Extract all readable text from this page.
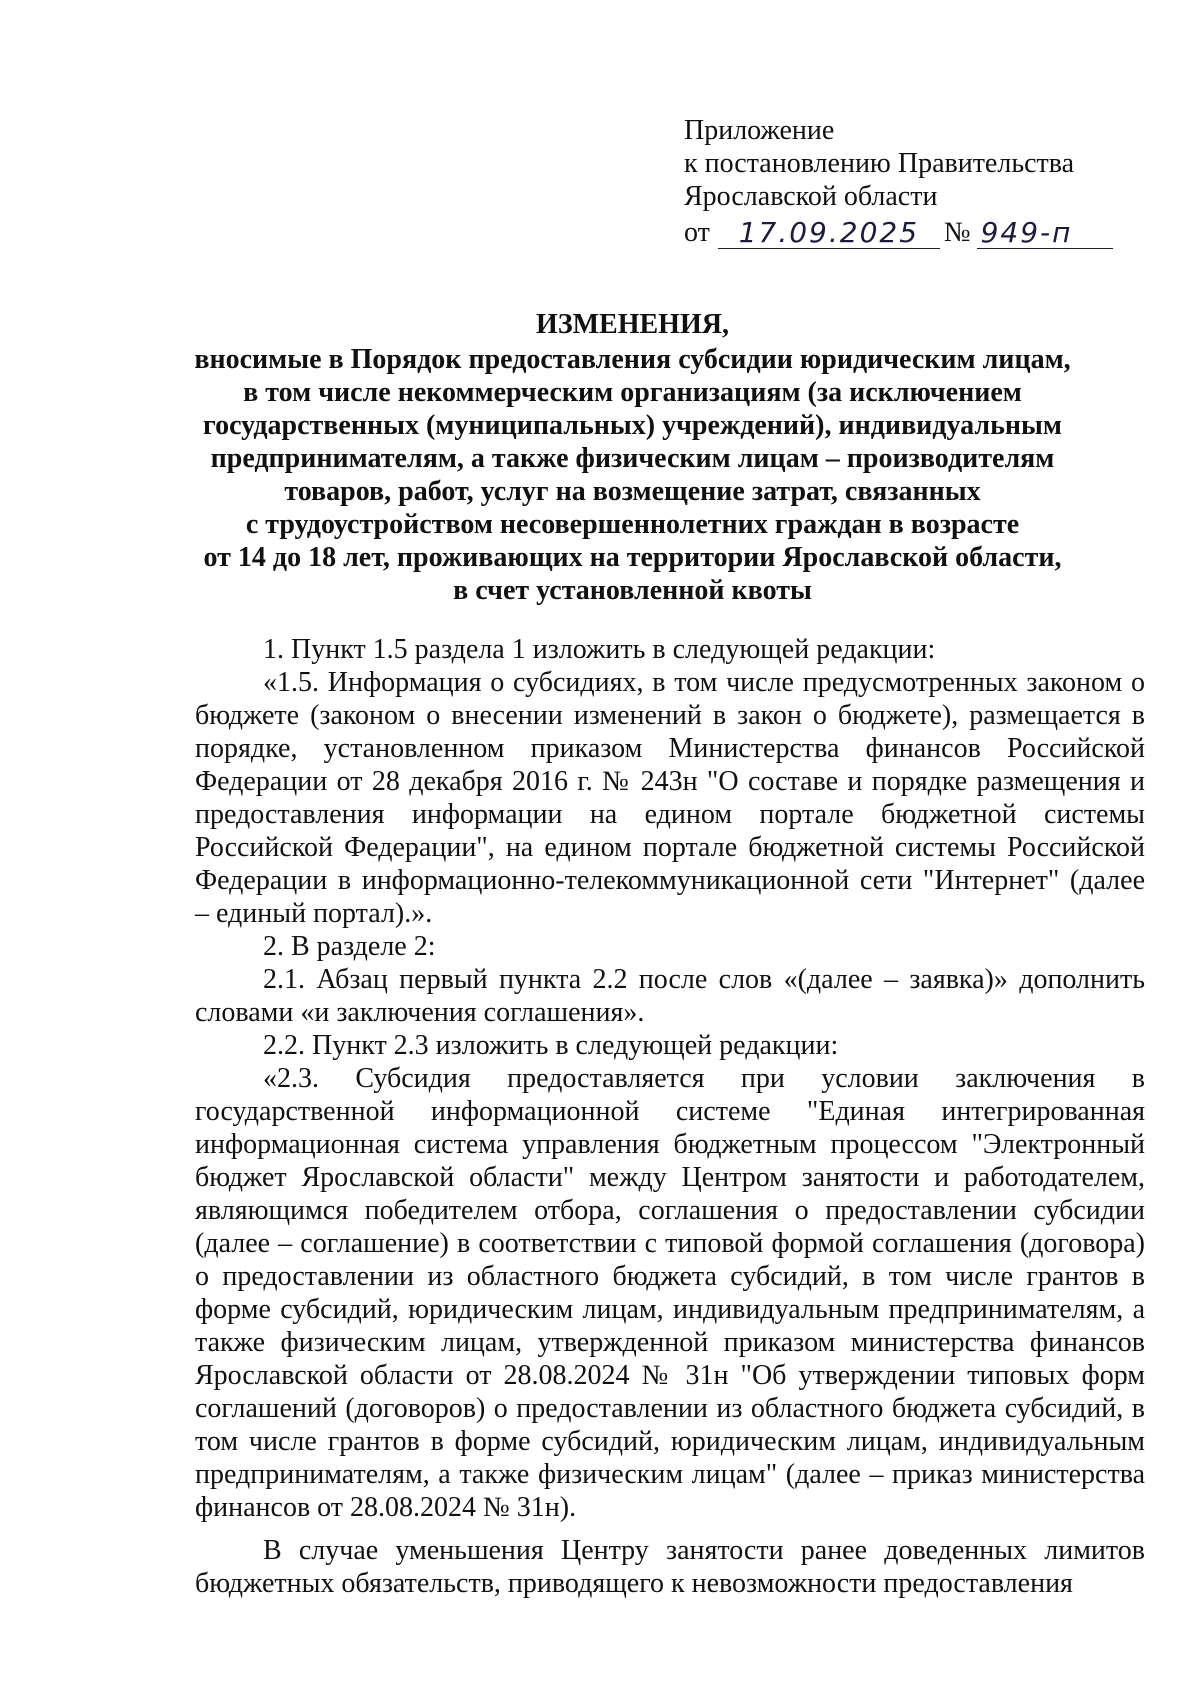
Приложение
к постановлению Правительства
Ярославской области
от	17.09.2025 № 949-п
ИЗМЕНЕНИЯ,
вносимые в Порядок предоставления субсидии юридическим лицам,
в том числе некоммерческим организациям (за исключением
государственных (муниципальных) учреждений), индивидуальным
предпринимателям, а также физическим лицам – производителям
товаров, работ, услуг на возмещение затрат, связанных
с трудоустройством несовершеннолетних граждан в возрасте
от 14 до 18 лет, проживающих на территории Ярославской области,
в счет установленной квоты

1. Пункт 1.5 раздела 1 изложить в следующей редакции:

«1.5. Информация о субсидиях, в том числе предусмотренных законом о бюджете (законом о внесении изменений в закон о бюджете), размещается в порядке, установленном приказом Министерства финансов Российской Федерации от 28 декабря 2016 г. № 243н "О составе и порядке размещения и предоставления информации на едином портале бюджетной системы Российской Федерации", на едином портале бюджетной системы Российской Федерации в информационно-телекоммуникационной сети "Интернет" (далее – единый портал).».

2. В разделе 2:

2.1. Абзац первый пункта 2.2 после слов «(далее – заявка)» дополнить словами «и заключения соглашения».

2.2. Пункт 2.3 изложить в следующей редакции:

«2.3. Субсидия предоставляется при условии заключения в государственной информационной системе "Единая интегрированная информационная система управления бюджетным процессом "Электронный бюджет Ярославской области" между Центром занятости и работодателем, являющимся победителем отбора, соглашения о предоставлении субсидии (далее – соглашение) в соответствии с типовой формой соглашения (договора) о предоставлении из областного бюджета субсидий, в том числе грантов в форме субсидий, юридическим лицам, индивидуальным предпринимателям, а также физическим лицам, утвержденной приказом министерства финансов Ярославской области от 28.08.2024 № 31н "Об утверждении типовых форм соглашений (договоров) о предоставлении из областного бюджета субсидий, в том числе грантов в форме субсидий, юридическим лицам, индивидуальным предпринимателям, а также физическим лицам" (далее – приказ министерства финансов от 28.08.2024 № 31н).

В случае уменьшения Центру занятости ранее доведенных лимитов бюджетных обязательств, приводящего к невозможности предоставления
